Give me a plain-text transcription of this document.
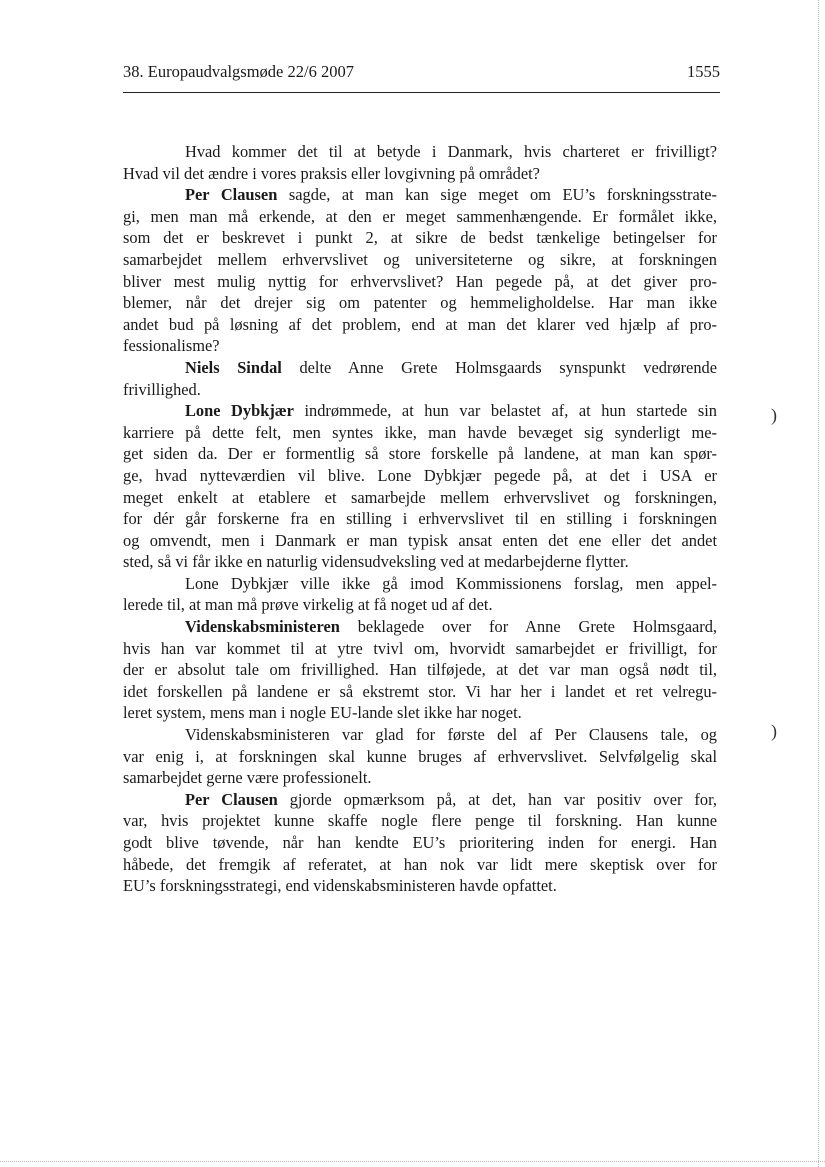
38. Europaudvalgsmøde 22/6 2007	1555
Hvad kommer det til at betyde i Danmark, hvis charteret er frivilligt?
Hvad vil det ændre i vores praksis eller lovgivning på området?
Per Clausen sagde, at man kan sige meget om EU’s forskningsstrate-
gi, men man må erkende, at den er meget sammenhængende. Er formålet ikke,
som det er beskrevet i punkt 2, at sikre de bedst tænkelige betingelser for
samarbejdet mellem erhvervslivet og universiteterne og sikre, at forskningen
bliver mest mulig nyttig for erhvervslivet? Han pegede på, at det giver pro-
blemer, når det drejer sig om patenter og hemmeligholdelse. Har man ikke
andet bud på løsning af det problem, end at man det klarer ved hjælp af pro-
fessionalisme?
Niels Sindal delte Anne Grete Holmsgaards synspunkt vedrørende
frivillighed.
Lone Dybkjær indrømmede, at hun var belastet af, at hun startede sin
karriere på dette felt, men syntes ikke, man havde bevæget sig synderligt me-
get siden da. Der er formentlig så store forskelle på landene, at man kan spør-
ge, hvad nytteværdien vil blive. Lone Dybkjær pegede på, at det i USA er
meget enkelt at etablere et samarbejde mellem erhvervslivet og forskningen,
for dér går forskerne fra en stilling i erhvervslivet til en stilling i forskningen
og omvendt, men i Danmark er man typisk ansat enten det ene eller det andet
sted, så vi får ikke en naturlig vidensudveksling ved at medarbejderne flytter.
Lone Dybkjær ville ikke gå imod Kommissionens forslag, men appel-
lerede til, at man må prøve virkelig at få noget ud af det.
Videnskabsministeren beklagede over for Anne Grete Holmsgaard,
hvis han var kommet til at ytre tvivl om, hvorvidt samarbejdet er frivilligt, for
der er absolut tale om frivillighed. Han tilføjede, at det var man også nødt til,
idet forskellen på landene er så ekstremt stor. Vi har her i landet et ret velregu-
leret system, mens man i nogle EU-lande slet ikke har noget.
Videnskabsministeren var glad for første del af Per Clausens tale, og
var enig i, at forskningen skal kunne bruges af erhvervslivet. Selvfølgelig skal
samarbejdet gerne være professionelt.
Per Clausen gjorde opmærksom på, at det, han var positiv over for,
var, hvis projektet kunne skaffe nogle flere penge til forskning. Han kunne
godt blive tøvende, når han kendte EU’s prioritering inden for energi. Han
håbede, det fremgik af referatet, at han nok var lidt mere skeptisk over for
EU’s forskningsstrategi, end videnskabsministeren havde opfattet.
)
)
